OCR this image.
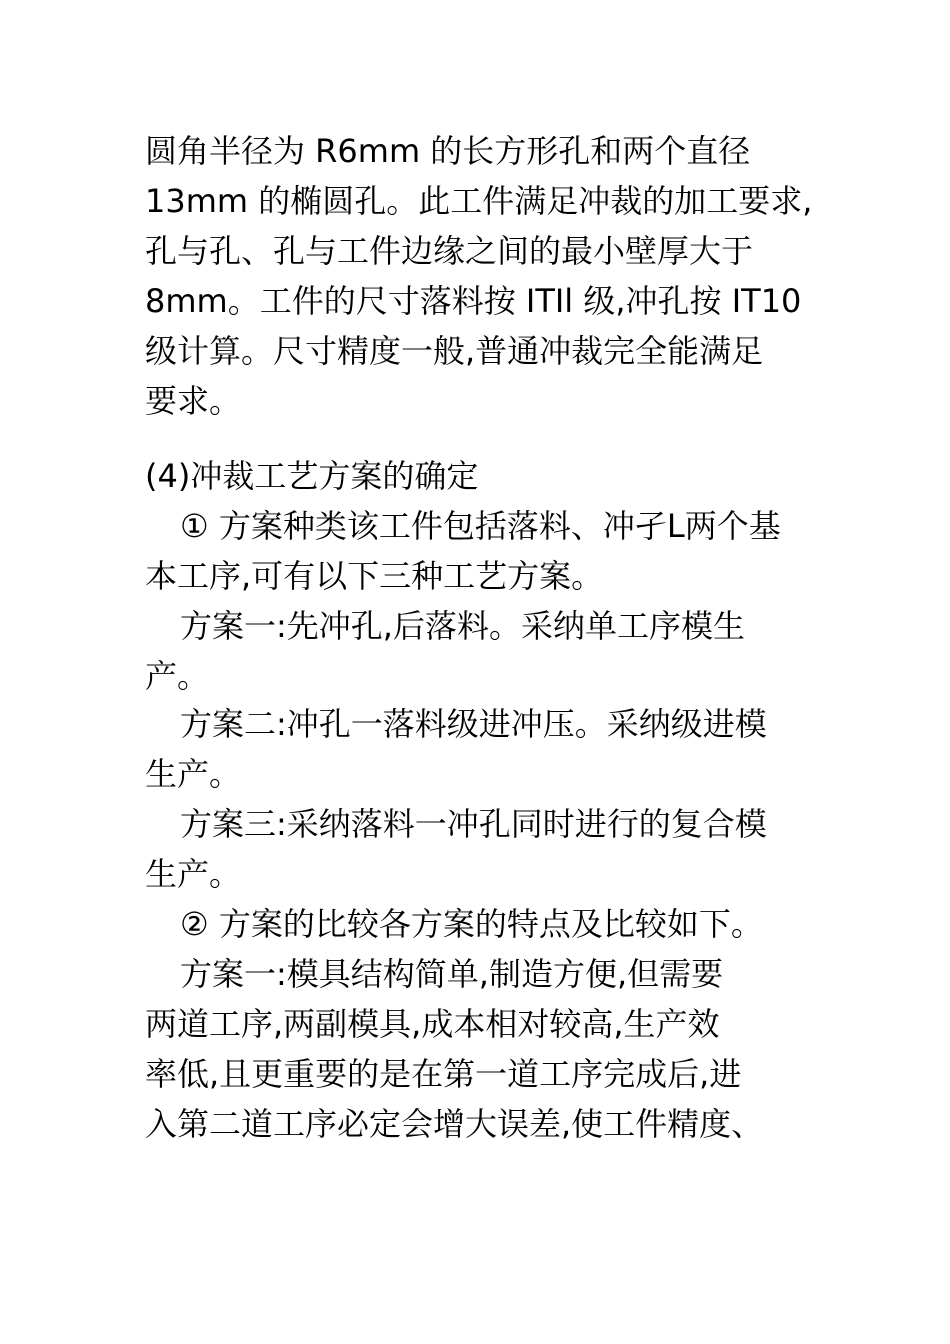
圆角半径为 R6mm 的长方形孔和两个直径
13mm 的椭圆孔。此工件满足冲裁的加工要求,
孔与孔、孔与工件边缘之间的最小壁厚大于
8mm。工件的尺寸落料按 ITIl 级,冲孔按 IT10
级计算。尺寸精度一般,普通冲裁完全能满足
要求。
(4)冲裁工艺方案的确定
① 方案种类该工件包括落料、冲孑L两个基
本工序,可有以下三种工艺方案。
方案一:先冲孔,后落料。采纳单工序模生
产。
方案二:冲孔一落料级进冲压。采纳级进模
生产。
方案三:采纳落料一冲孔同时进行的复合模
生产。
② 方案的比较各方案的特点及比较如下。
方案一:模具结构简单,制造方便,但需要
两道工序,两副模具,成本相对较高,生产效
率低,且更重要的是在第一道工序完成后,进
入第二道工序必定会增大误差,使工件精度、
